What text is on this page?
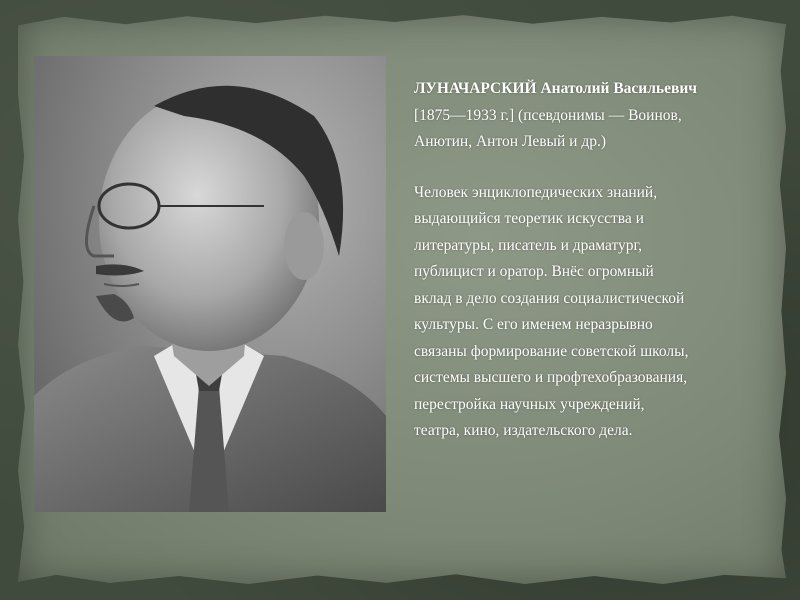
ЛУНАЧАРСКИЙ Анатолий Васильевич
[1875—1933 г.] (псевдонимы — Воинов,
Анютин, Антон Левый и др.)
Человек энциклопедических знаний,
выдающийся теоретик искусства и
литературы, писатель и драматург,
публицист и оратор. Внёс огромный
вклад в дело создания социалистической
культуры. С его именем неразрывно
связаны формирование советской школы,
системы высшего и профтехобразования,
перестройка научных учреждений,
театра, кино, издательского дела.
